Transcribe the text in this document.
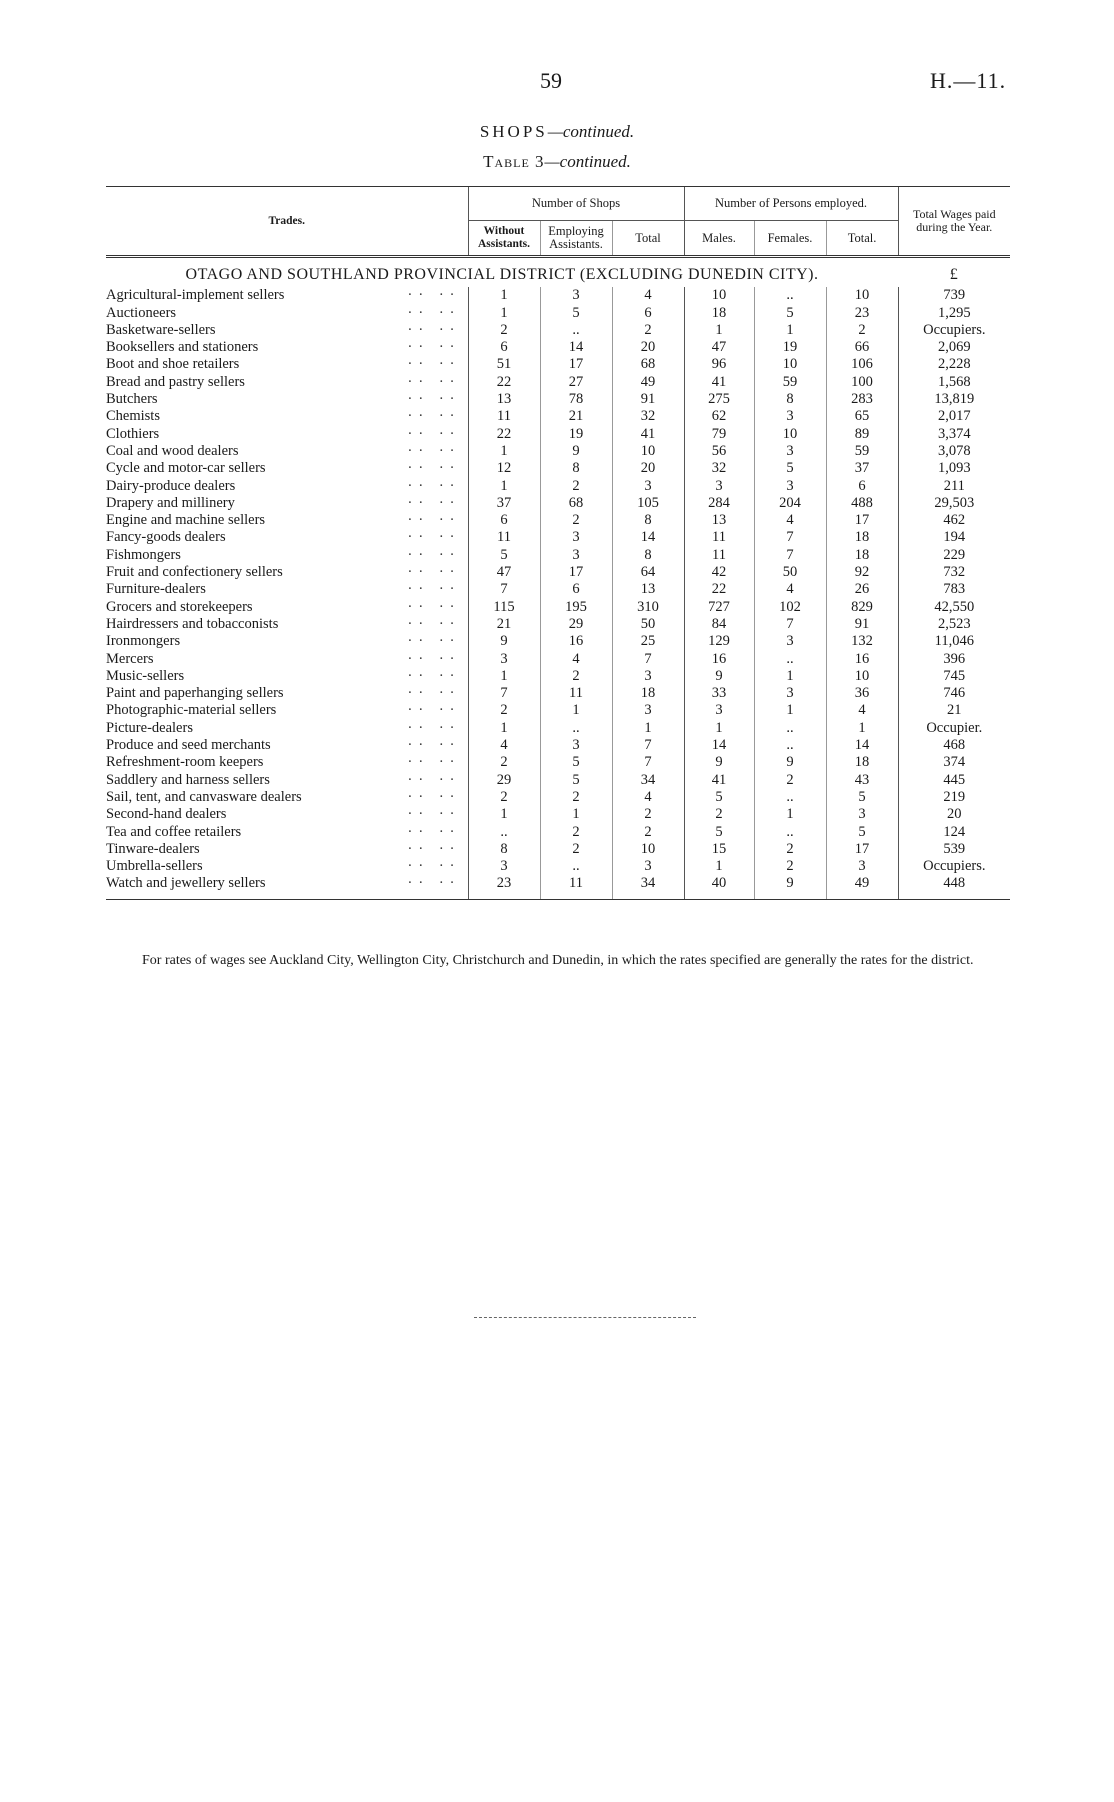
59	H.—11.
SHOPS—continued.
Table 3—continued.
Trades.	Number of Shops			Number of Persons employed.			Total Wages paid during the Year.
	Without Assistants.	Employing Assistants.	Total	Males.	Females.	Total.	
OTAGO AND SOUTHLAND PROVINCIAL DISTRICT (EXCLUDING DUNEDIN CITY).							£

·· ··
Agricultural-implement sellers	1	3	4	10	..	10	739

·· ··
Auctioneers	1	5	6	18	5	23	1,295

·· ··
Basketware-sellers	2	..	2	1	1	2	Occupiers.

·· ··
Booksellers and stationers	6	14	20	47	19	66	2,069

·· ··
Boot and shoe retailers	51	17	68	96	10	106	2,228

·· ··
Bread and pastry sellers	22	27	49	41	59	100	1,568

·· ··
Butchers	13	78	91	275	8	283	13,819

·· ··
Chemists	11	21	32	62	3	65	2,017

·· ··
Clothiers	22	19	41	79	10	89	3,374

·· ··
Coal and wood dealers	1	9	10	56	3	59	3,078

·· ··
Cycle and motor-car sellers	12	8	20	32	5	37	1,093

·· ··
Dairy-produce dealers	1	2	3	3	3	6	211

·· ··
Drapery and millinery	37	68	105	284	204	488	29,503

·· ··
Engine and machine sellers	6	2	8	13	4	17	462

·· ··
Fancy-goods dealers	11	3	14	11	7	18	194

·· ··
Fishmongers	5	3	8	11	7	18	229

·· ··
Fruit and confectionery sellers	47	17	64	42	50	92	732

·· ··
Furniture-dealers	7	6	13	22	4	26	783

·· ··
Grocers and storekeepers	115	195	310	727	102	829	42,550

·· ··
Hairdressers and tobacconists	21	29	50	84	7	91	2,523

·· ··
Ironmongers	9	16	25	129	3	132	11,046

·· ··
Mercers	3	4	7	16	..	16	396

·· ··
Music-sellers	1	2	3	9	1	10	745

·· ··
Paint and paperhanging sellers	7	11	18	33	3	36	746

·· ··
Photographic-material sellers	2	1	3	3	1	4	21

·· ··
Picture-dealers	1	..	1	1	..	1	Occupier.

·· ··
Produce and seed merchants	4	3	7	14	..	14	468

·· ··
Refreshment-room keepers	2	5	7	9	9	18	374

·· ··
Saddlery and harness sellers	29	5	34	41	2	43	445

·· ··
Sail, tent, and canvasware dealers	2	2	4	5	..	5	219

·· ··
Second-hand dealers	1	1	2	2	1	3	20

·· ··
Tea and coffee retailers	..	2	2	5	..	5	124

·· ··
Tinware-dealers	8	2	10	15	2	17	539

·· ··
Umbrella-sellers	3	..	3	1	2	3	Occupiers.

·· ··
Watch and jewellery sellers	23	11	34	40	9	49	448
For rates of wages see Auckland City, Wellington City, Christchurch and Dunedin, in which the rates specified are generally the rates for the district.
